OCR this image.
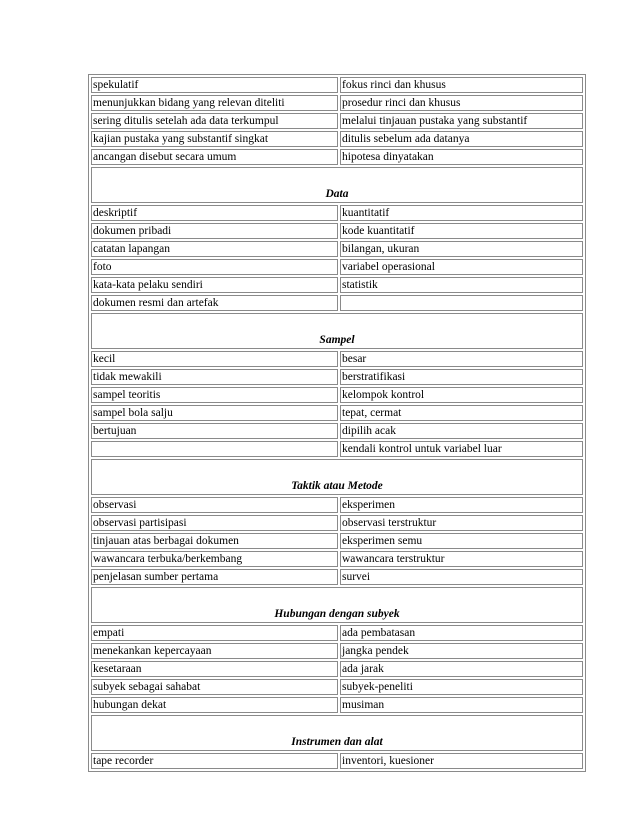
spekulatif	fokus rinci dan khusus
menunjukkan bidang yang relevan diteliti	prosedur rinci dan khusus
sering ditulis setelah ada data terkumpul	melalui tinjauan pustaka yang substantif
kajian pustaka yang substantif singkat	ditulis sebelum ada datanya
ancangan disebut secara umum	hipotesa dinyatakan
Data	
deskriptif	kuantitatif
dokumen pribadi	kode kuantitatif
catatan lapangan	bilangan, ukuran
foto	variabel operasional
kata-kata pelaku sendiri	statistik
dokumen resmi dan artefak	
Sampel	
kecil	besar
tidak mewakili	berstratifikasi
sampel teoritis	kelompok kontrol
sampel bola salju	tepat, cermat
bertujuan	dipilih acak
	kendali kontrol untuk variabel luar
Taktik atau Metode	
observasi	eksperimen
observasi partisipasi	observasi terstruktur
tinjauan atas berbagai dokumen	eksperimen semu
wawancara terbuka/berkembang	wawancara terstruktur
penjelasan sumber pertama	survei
Hubungan dengan subyek	
empati	ada pembatasan
menekankan kepercayaan	jangka pendek
kesetaraan	ada jarak
subyek sebagai sahabat	subyek-peneliti
hubungan dekat	musiman
Instrumen dan alat	
tape recorder	inventori, kuesioner
